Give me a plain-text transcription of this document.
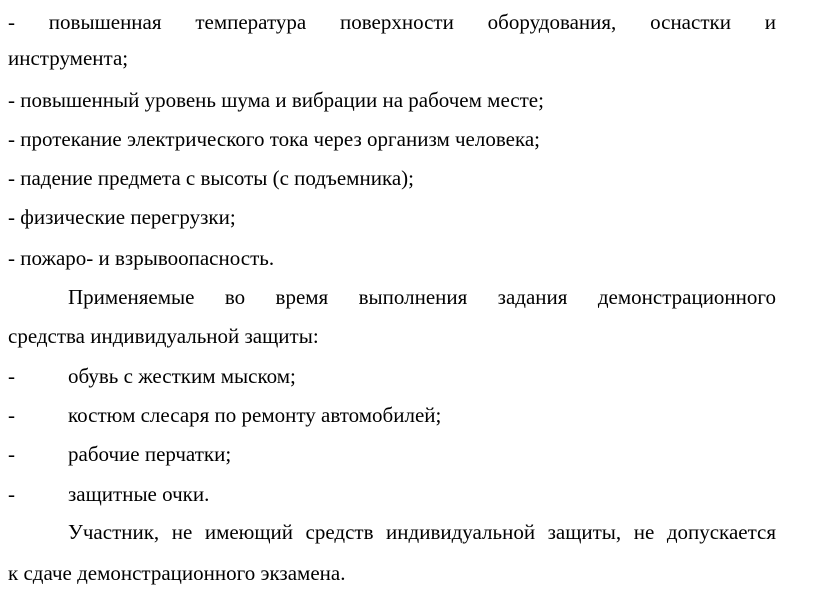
- повышенная температура поверхности оборудования, оснастки и
инструмента;
- повышенный уровень шума и вибрации на рабочем месте;
- протекание электрического тока через организм человека;
- падение предмета с высоты (с подъемника);
- физические перегрузки;
- пожаро- и взрывоопасность.
Применяемые во время выполнения задания демонстрационного
средства индивидуальной защиты:
-	обувь с жестким мыском;
-	костюм слесаря по ремонту автомобилей;
-	рабочие перчатки;
-	защитные очки.
Участник, не имеющий средств индивидуальной защиты, не допускается
к сдаче демонстрационного экзамена.
